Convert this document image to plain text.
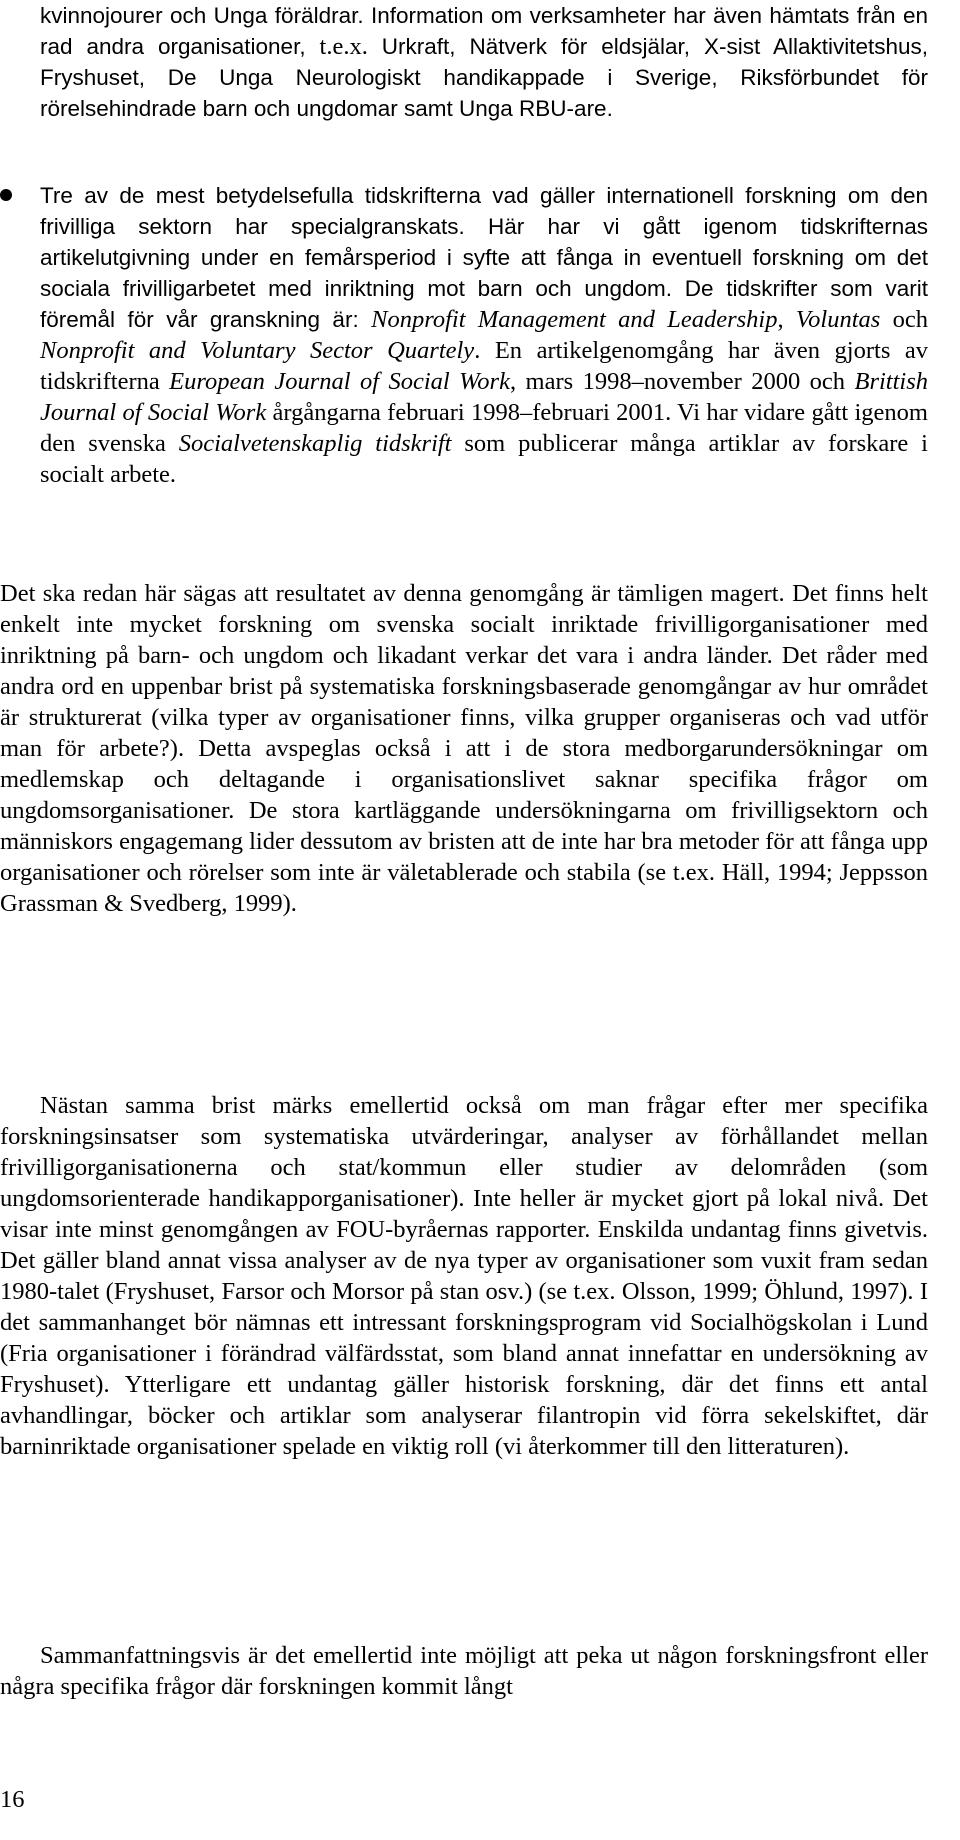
kvinnojourer och Unga föräldrar. Information om verksamheter har även hämtats från en rad andra organisationer, t.e.x. Urkraft, Nätverk för eldsjälar, X-sist Allaktivitetshus, Fryshuset, De Unga Neurologiskt handikappade i Sverige, Riksförbundet för rörelsehindrade barn och ungdomar samt Unga RBU-are.
Tre av de mest betydelsefulla tidskrifterna vad gäller internationell forskning om den frivilliga sektorn har specialgranskats. Här har vi gått igenom tidskrifternas artikelutgivning under en femårsperiod i syfte att fånga in eventuell forskning om det sociala frivilligarbetet med inriktning mot barn och ungdom. De tidskrifter som varit föremål för vår granskning är: Nonprofit Management and Leadership, Voluntas och Nonprofit and Voluntary Sector Quartely. En artikelgenomgång har även gjorts av tidskrifterna European Journal of Social Work, mars 1998–november 2000 och Brittish Journal of Social Work årgångarna februari 1998–februari 2001. Vi har vidare gått igenom den svenska Socialvetenskaplig tidskrift som publicerar många artiklar av forskare i socialt arbete.

Det ska redan här sägas att resultatet av denna genomgång är tämligen magert. Det finns helt enkelt inte mycket forskning om svenska socialt inriktade frivilligorganisationer med inriktning på barn- och ungdom och likadant verkar det vara i andra länder. Det råder med andra ord en uppenbar brist på systematiska forskningsbaserade genomgångar av hur området är strukturerat (vilka typer av organisationer finns, vilka grupper organiseras och vad utför man för arbete?). Detta avspeglas också i att i de stora medborgarundersökningar om medlemskap och deltagande i organisationslivet saknar specifika frågor om ungdomsorganisationer. De stora kartläggande undersökningarna om frivilligsektorn och människors engagemang lider dessutom av bristen att de inte har bra metoder för att fånga upp organisationer och rörelser som inte är väletablerade och stabila (se t.ex. Häll, 1994; Jeppsson Grassman & Svedberg, 1999).

Nästan samma brist märks emellertid också om man frågar efter mer specifika forskningsinsatser som systematiska utvärderingar, analyser av förhållandet mellan frivilligorganisationerna och stat/kommun eller studier av delområden (som ungdomsorienterade handikapporganisationer). Inte heller är mycket gjort på lokal nivå. Det visar inte minst genomgången av FOU-byråernas rapporter. Enskilda undantag finns givetvis. Det gäller bland annat vissa analyser av de nya typer av organisationer som vuxit fram sedan 1980-talet (Fryshuset, Farsor och Morsor på stan osv.) (se t.ex. Olsson, 1999; Öhlund, 1997). I det sammanhanget bör nämnas ett intressant forskningsprogram vid Socialhögskolan i Lund (Fria organisationer i förändrad välfärdsstat, som bland annat innefattar en undersökning av Fryshuset). Ytterligare ett undantag gäller historisk forskning, där det finns ett antal avhandlingar, böcker och artiklar som analyserar filantropin vid förra sekelskiftet, där barninriktade organisationer spelade en viktig roll (vi återkommer till den litteraturen).

Sammanfattningsvis är det emellertid inte möjligt att peka ut någon forskningsfront eller några specifika frågor där forskningen kommit långt

16
